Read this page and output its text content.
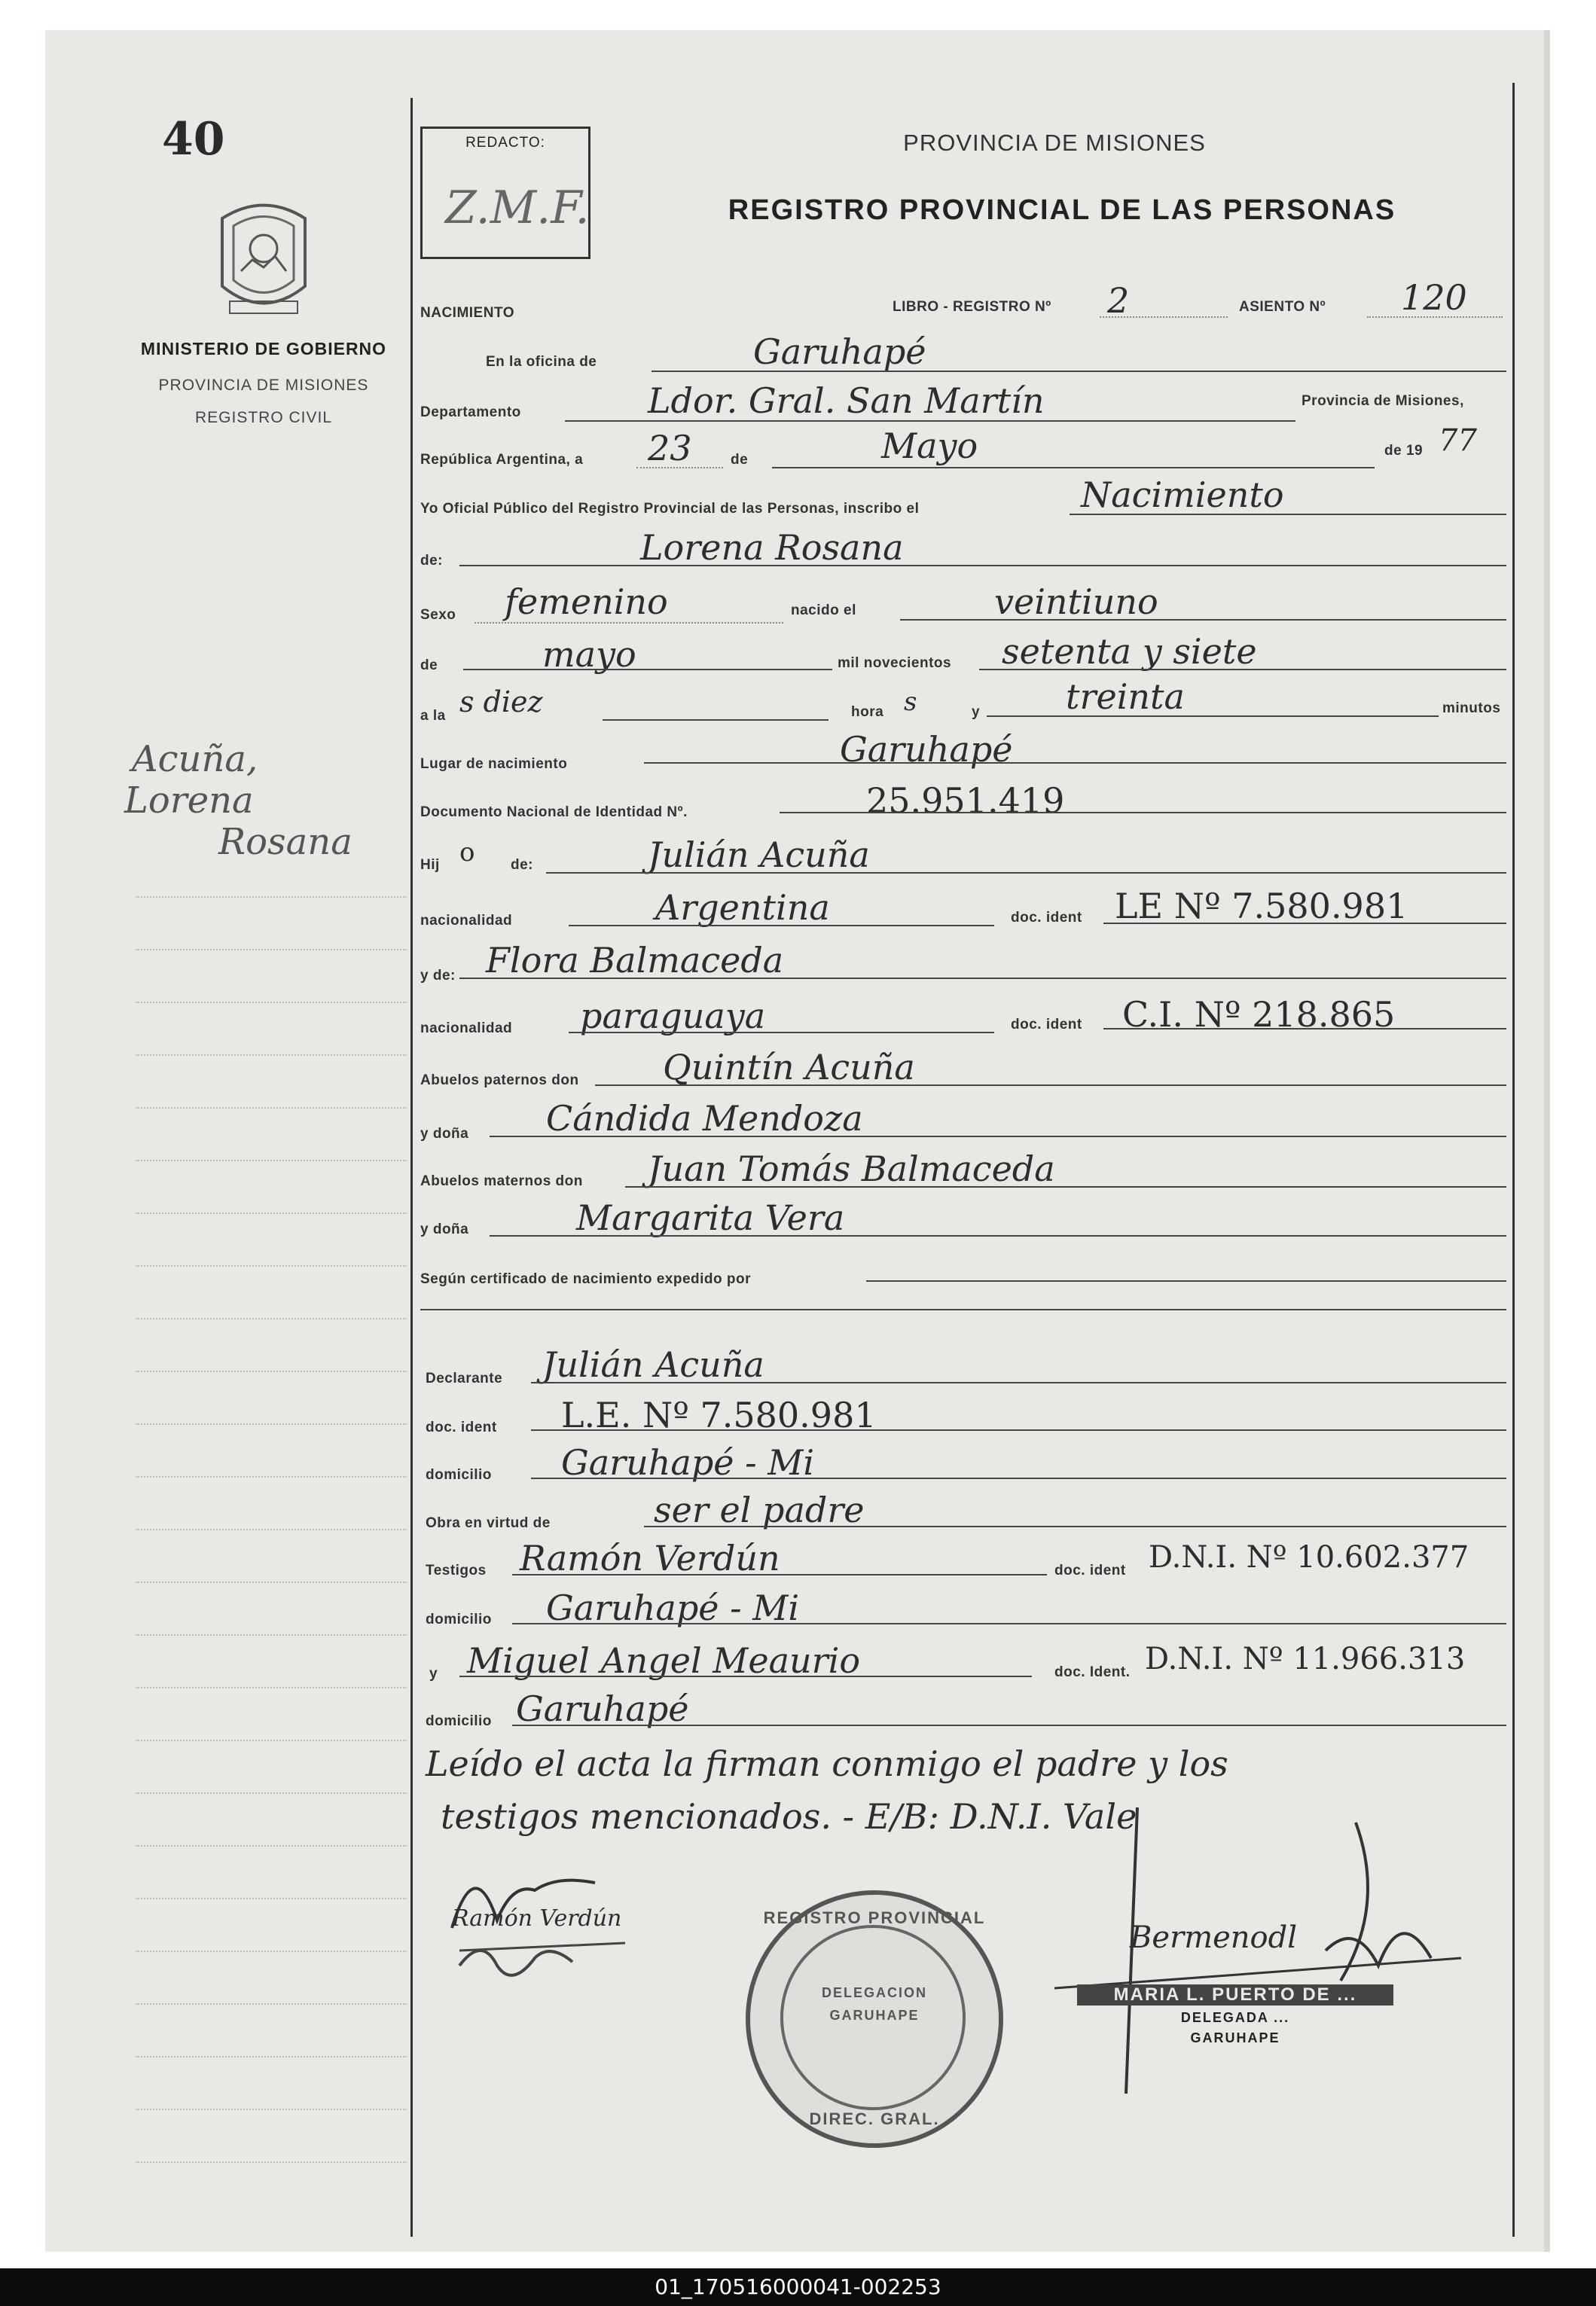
40
MINISTERIO DE GOBIERNO
PROVINCIA DE MISIONES
REGISTRO CIVIL
Acuña,
Lorena
Rosana
REDACTO:
Z.M.F.
PROVINCIA DE MISIONES
REGISTRO PROVINCIAL DE LAS PERSONAS
NACIMIENTO	LIBRO - REGISTRO Nº 2	ASIENTO Nº 120
En la oficina de	Garuhapé
Departamento	Ldor. Gral. San Martín	Provincia de Misiones,
República Argentina, a 23	de	Mayo	de 19 77
Yo Oficial Público del Registro Provincial de las Personas, inscribo el	Nacimiento
de:	Lorena Rosana
Sexo femenino	nacido el	veintiuno
de	mayo	mil novecientos setenta y siete
a la s diez	hora s	y treinta	minutos
Lugar de nacimiento	Garuhapé
Documento Nacional de Identidad Nº.	25.951.419
Hij o	de:	Julián Acuña
nacionalidad	Argentina	doc. ident LE Nº 7.580.981
y de: Flora Balmaceda
nacionalidad paraguaya	doc. ident C.I. Nº 218.865
Abuelos paternos don Quintín Acuña
y doña Cándida Mendoza
Abuelos maternos don Juan Tomás Balmaceda
y doña	Margarita Vera
Según certificado de nacimiento expedido por
Declarante Julián Acuña
doc. ident L.E. Nº 7.580.981
domicilio Garuhapé - Mi
Obra en virtud de	ser el padre
Testigos Ramón Verdún	doc. ident D.N.I. Nº 10.602.377
domicilio Garuhapé - Mi
y Miguel Angel Meaurio	doc. Ident. D.N.I. Nº 11.966.313
domicilio Garuhapé
Leído el acta la firman conmigo el padre y los
testigos mencionados. - E/B: D.N.I. Vale
Ramón Verdún
Bermenodl
REGISTRO PROVINCIAL
DELEGACION
GARUHAPE
DIREC. GRAL.
MARIA L. PUERTO DE ...
DELEGADA ...
GARUHAPE
01_170516000041-002253
